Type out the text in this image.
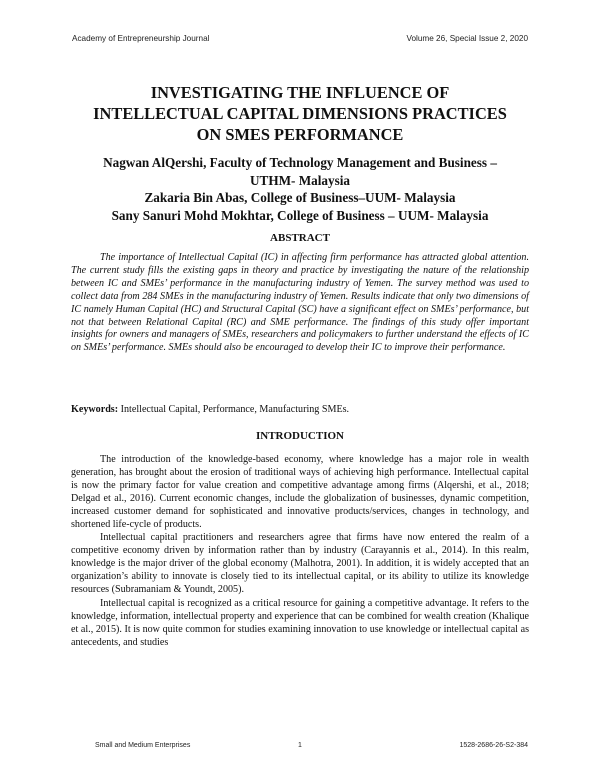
Academy of Entrepreneurship Journal	Volume 26, Special Issue 2, 2020
INVESTIGATING THE INFLUENCE OF
INTELLECTUAL CAPITAL DIMENSIONS PRACTICES
ON SMES PERFORMANCE
Nagwan AlQershi, Faculty of Technology Management and Business –
UTHM- Malaysia
Zakaria Bin Abas, College of Business–UUM- Malaysia
Sany Sanuri Mohd Mokhtar, College of Business – UUM- Malaysia
ABSTRACT

The importance of Intellectual Capital (IC) in affecting firm performance has attracted global attention. The current study fills the existing gaps in theory and practice by investigating the nature of the relationship between IC and SMEs’ performance in the manufacturing industry of Yemen. The survey method was used to collect data from 284 SMEs in the manufacturing industry of Yemen. Results indicate that only two dimensions of IC namely Human Capital (HC) and Structural Capital (SC) have a significant effect on SMEs’ performance, but not that between Relational Capital (RC) and SME performance. The findings of this study offer important insights for owners and managers of SMEs, researchers and policymakers to further understand the effects of IC on SMEs’ performance. SMEs should also be encouraged to develop their IC to improve their performance.

Keywords: Intellectual Capital, Performance, Manufacturing SMEs.

INTRODUCTION

The introduction of the knowledge-based economy, where knowledge has a major role in wealth generation, has brought about the erosion of traditional ways of achieving high performance. Intellectual capital is now the primary factor for value creation and competitive advantage among firms (Alqershi, et al., 2018; Delgad et al., 2016). Current economic changes, include the globalization of businesses, dynamic competition, increased customer demand for sophisticated and innovative products/services, changes in technology, and shortened life-cycle of products.

Intellectual capital practitioners and researchers agree that firms have now entered the realm of a competitive economy driven by information rather than by industry (Carayannis et al., 2014). In this realm, knowledge is the major driver of the global economy (Malhotra, 2001). In addition, it is widely accepted that an organization’s ability to innovate is closely tied to its intellectual capital, or its ability to utilize its knowledge resources (Subramaniam & Youndt, 2005).

Intellectual capital is recognized as a critical resource for gaining a competitive advantage. It refers to the knowledge, information, intellectual property and experience that can be combined for wealth creation (Khalique et al., 2015). It is now quite common for studies examining innovation to use knowledge or intellectual capital as antecedents, and studies

Small and Medium Enterprises	1	1528-2686-26-S2-384
